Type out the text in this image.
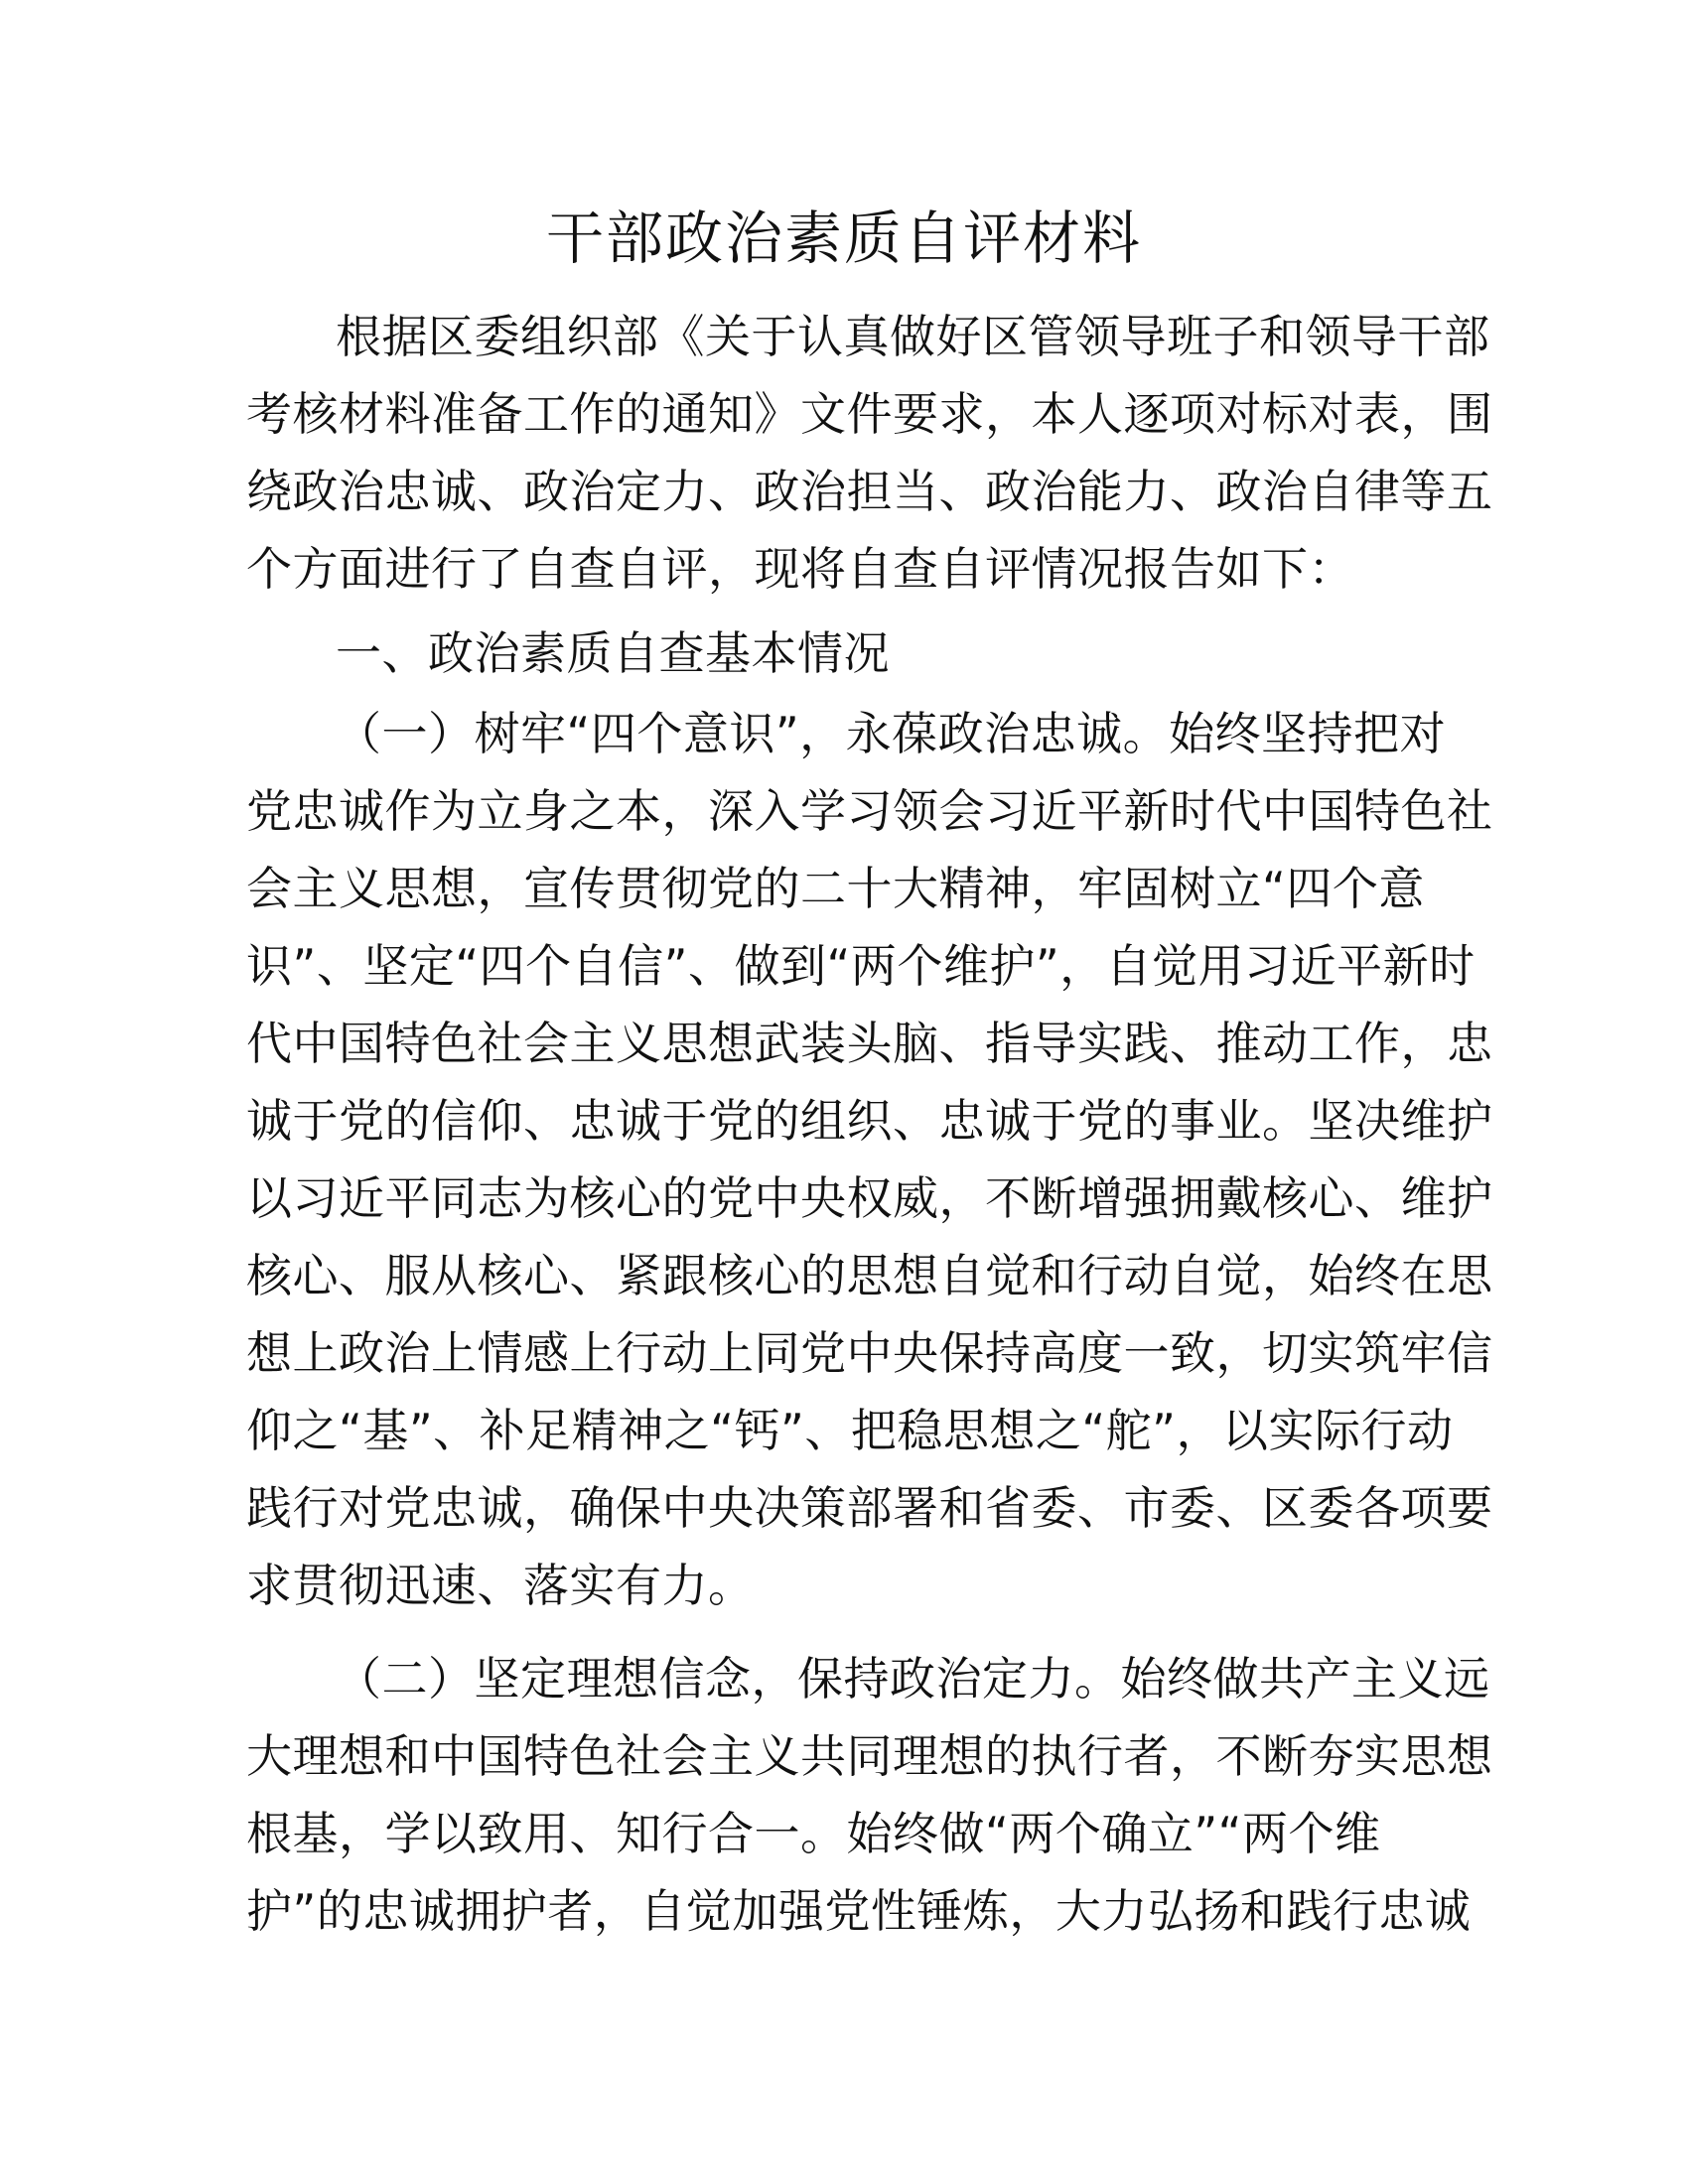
干部政治素质自评材料

根据区委组织部《关于认真做好区管领导班子和领导干部

考核材料准备工作的通知》文件要求，本人逐项对标对表，围

绕政治忠诚、政治定力、政治担当、政治能力、政治自律等五

个方面进行了自查自评，现将自查自评情况报告如下：

一、政治素质自查基本情况

（一）树牢“四个意识”，永葆政治忠诚。始终坚持把对

党忠诚作为立身之本，深入学习领会习近平新时代中国特色社

会主义思想，宣传贯彻党的二十大精神，牢固树立“四个意

识”、坚定“四个自信”、做到“两个维护”，自觉用习近平新时

代中国特色社会主义思想武装头脑、指导实践、推动工作，忠

诚于党的信仰、忠诚于党的组织、忠诚于党的事业。坚决维护

以习近平同志为核心的党中央权威，不断增强拥戴核心、维护

核心、服从核心、紧跟核心的思想自觉和行动自觉，始终在思

想上政治上情感上行动上同党中央保持高度一致，切实筑牢信

仰之“基”、补足精神之“钙”、把稳思想之“舵”，以实际行动

践行对党忠诚，确保中央决策部署和省委、市委、区委各项要

求贯彻迅速、落实有力。

（二）坚定理想信念，保持政治定力。始终做共产主义远

大理想和中国特色社会主义共同理想的执行者，不断夯实思想

根基，学以致用、知行合一。始终做“两个确立”“两个维

护”的忠诚拥护者，自觉加强党性锤炼，大力弘扬和践行忠诚
